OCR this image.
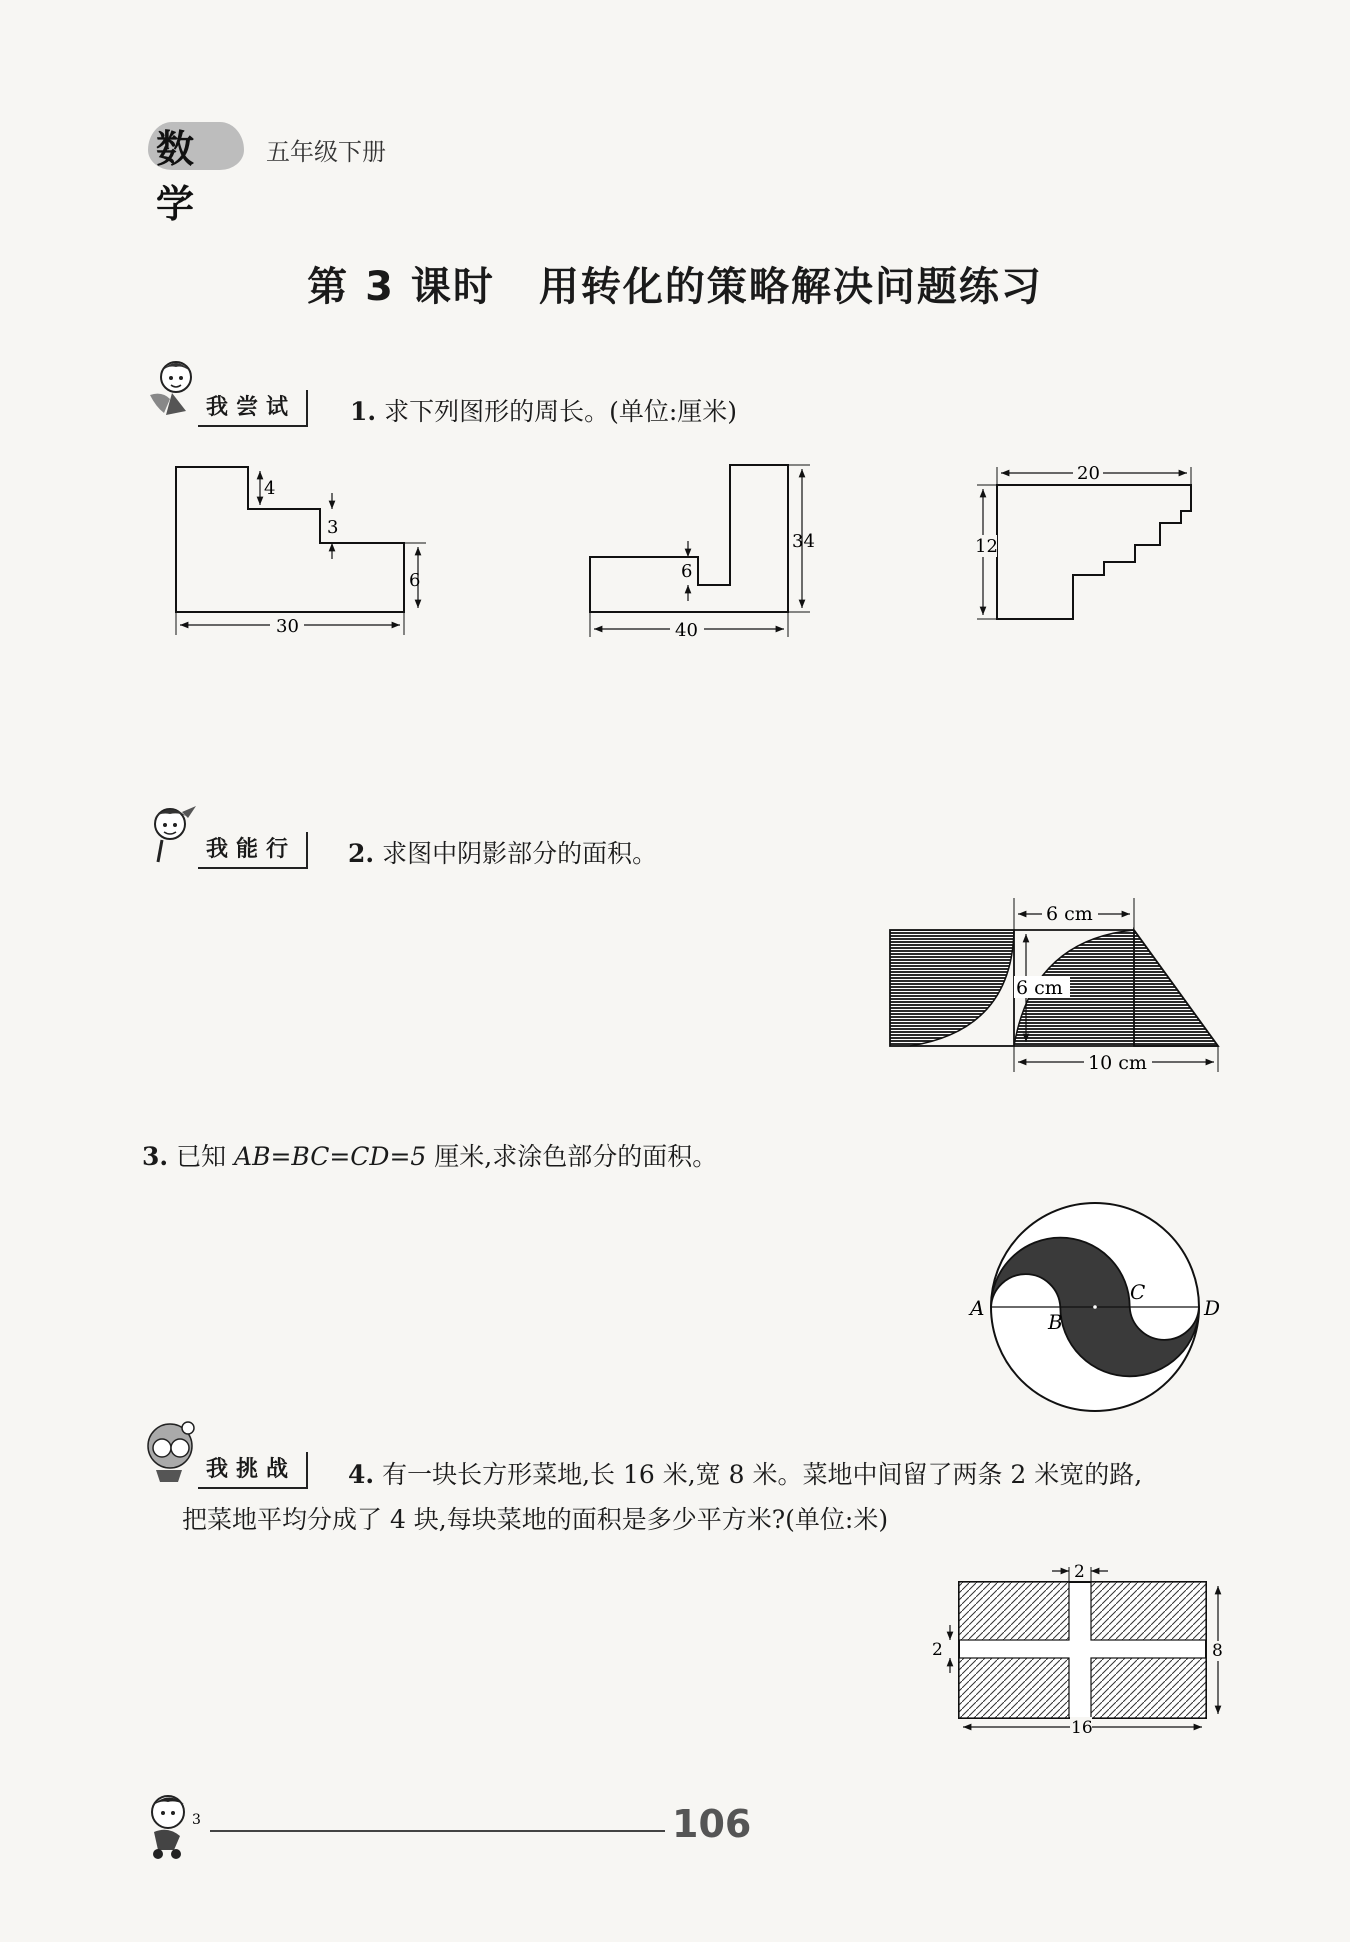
数学
五年级下册
第 3 课时 用转化的策略解决问题练习
我尝试	1. 求下列图形的周长。(单位:厘米)
4
3
6
30
6
34
40
20
12
我能行	2. 求图中阴影部分的面积。
6 cm
6 cm
10 cm
3. 已知 AB=BC=CD=5 厘米,求涂色部分的面积。
A
B
C
D
我挑战	4. 有一块长方形菜地,长 16 米,宽 8 米。菜地中间留了两条 2 米宽的路,
把菜地平均分成了 4 块,每块菜地的面积是多少平方米?(单位:米)
2
2	8
16
3	106
